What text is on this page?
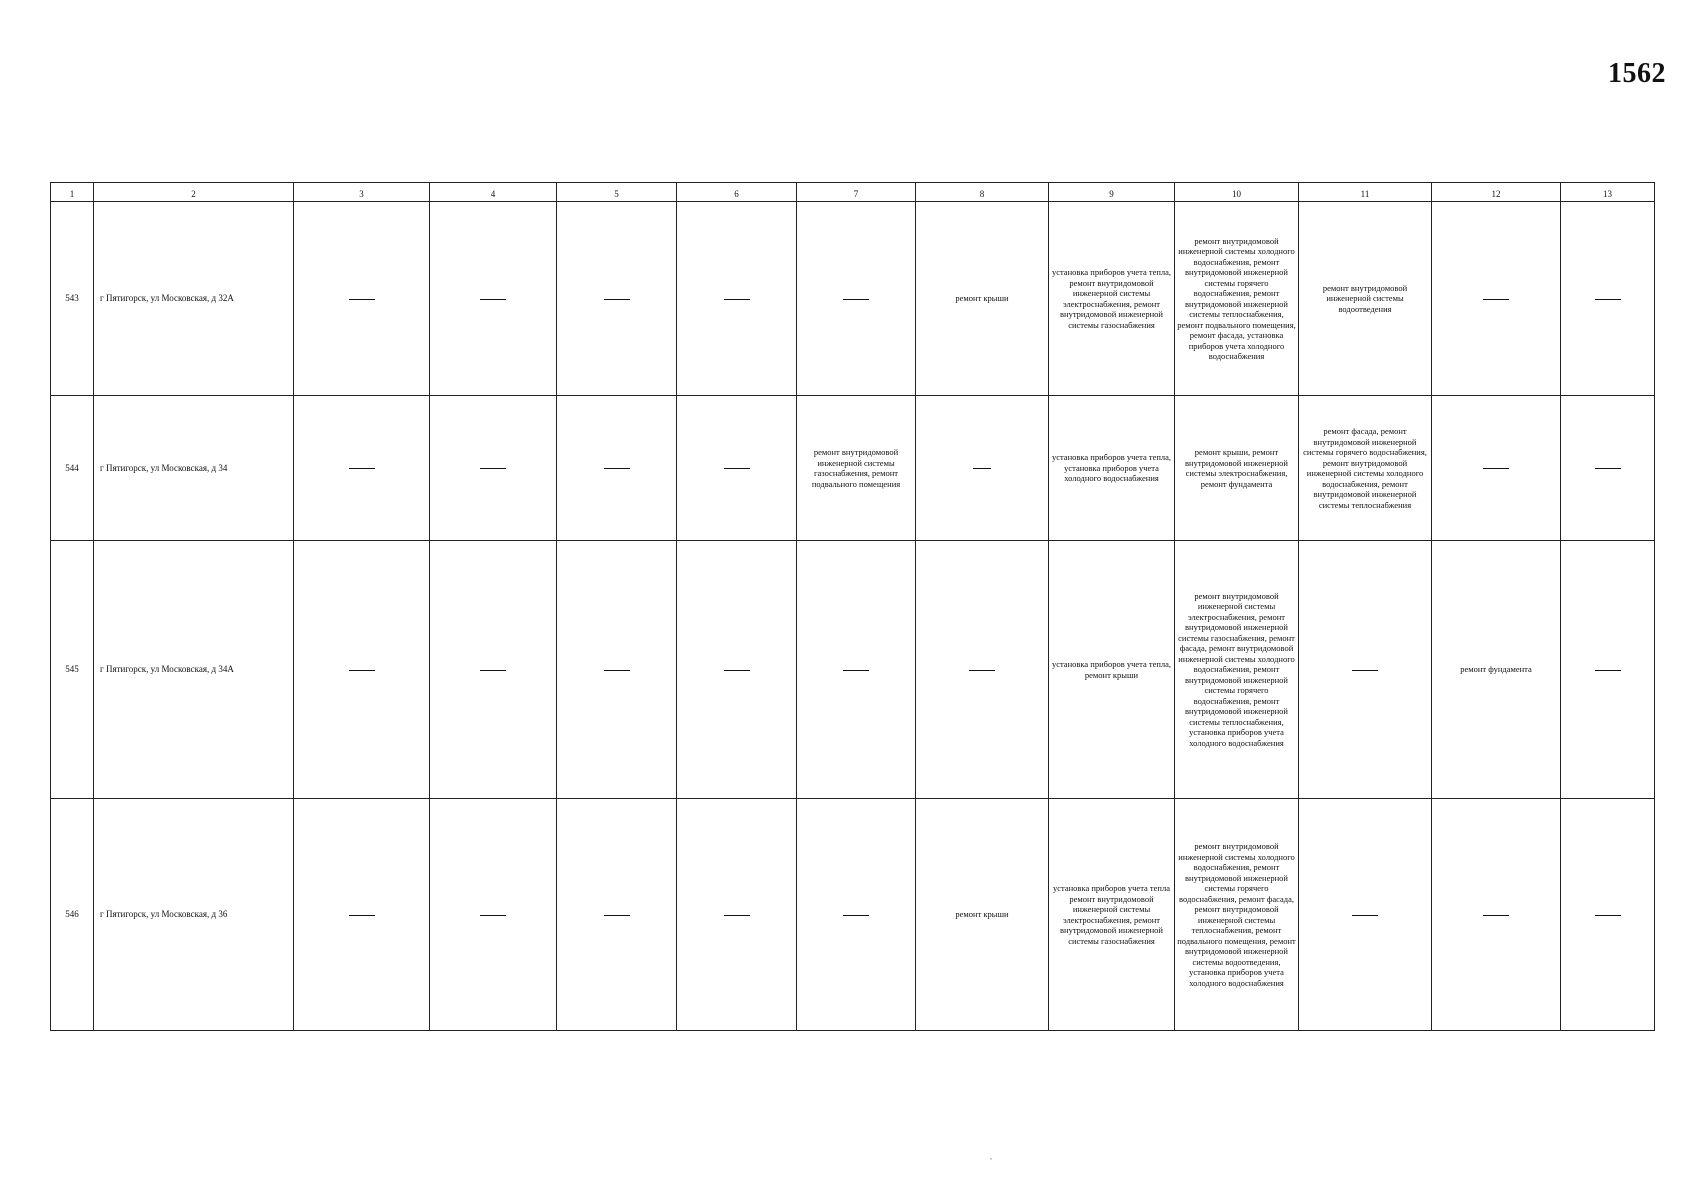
1562
1	2	3	4	5	6	7	8	9	10	11	12	13
543	г Пятигорск, ул Московская, д 32А						ремонт крыши	установка приборов учета тепла, ремонт внутридомовой инженерной системы электроснабжения, ремонт внутридомовой инженерной системы газоснабжения	ремонт внутридомовой инженерной системы холодного водоснабжения, ремонт внутридомовой инженерной системы горячего водоснабжения, ремонт внутридомовой инженерной системы теплоснабжения, ремонт подвального помещения, ремонт фасада, установка приборов учета холодного водоснабжения	ремонт внутридомовой инженерной системы водоотведения		
544	г Пятигорск, ул Московская, д 34					ремонт внутридомовой инженерной системы газоснабжения, ремонт подвального помещения		установка приборов учета тепла, установка приборов учета холодного водоснабжения	ремонт крыши, ремонт внутридомовой инженерной системы электроснабжения, ремонт фундамента	ремонт фасада, ремонт внутридомовой инженерной системы горячего водоснабжения, ремонт внутридомовой инженерной системы холодного водоснабжения, ремонт внутридомовой инженерной системы теплоснабжения		
545	г Пятигорск, ул Московская, д 34А							установка приборов учета тепла, ремонт крыши	ремонт внутридомовой инженерной системы электроснабжения, ремонт внутридомовой инженерной системы газоснабжения, ремонт фасада, ремонт внутридомовой инженерной системы холодного водоснабжения, ремонт внутридомовой инженерной системы горячего водоснабжения, ремонт внутридомовой инженерной системы теплоснабжения, установка приборов учета холодного водоснабжения		ремонт фундамента	
546	г Пятигорск, ул Московская, д 36						ремонт крыши	установка приборов учета тепла ремонт внутридомовой инженерной системы электроснабжения, ремонт внутридомовой инженерной системы газоснабжения	ремонт внутридомовой инженерной системы холодного водоснабжения, ремонт внутридомовой инженерной системы горячего водоснабжения, ремонт фасада, ремонт внутридомовой инженерной системы теплоснабжения, ремонт подвального помещения, ремонт внутридомовой инженерной системы водоотведения, установка приборов учета холодного водоснабжения			
,
